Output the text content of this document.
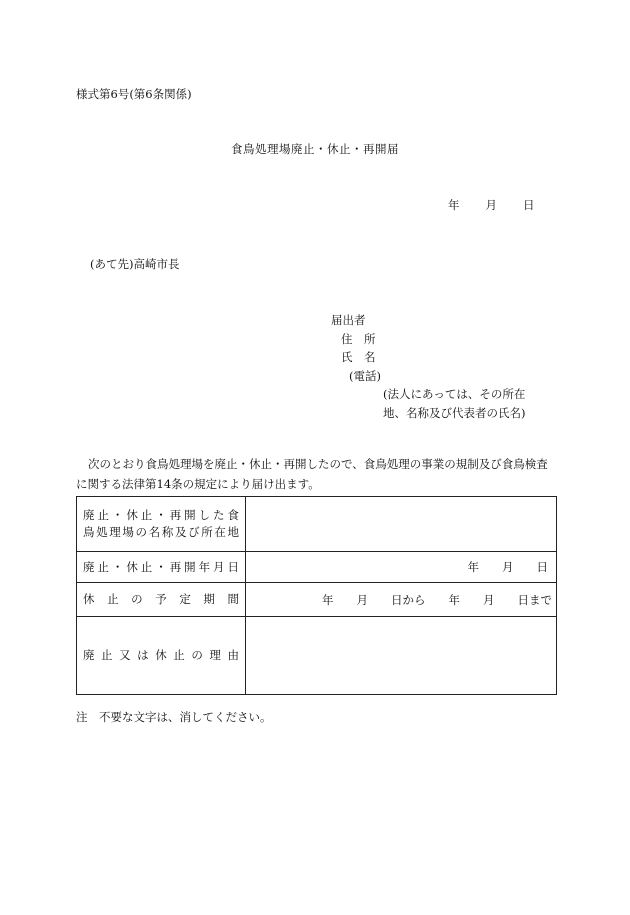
様式第6号(第6条関係)
食鳥処理場廃止・休止・再開届
年 月 日
(あて先)高崎市長
届出者
住　所
氏　名
(電話)
(法人にあっては、その所在
地、名称及び代表者の氏名)
次のとおり食鳥処理場を廃止・休止・再開したので、食鳥処理の事業の規制及び食鳥検査に関する法律第14条の規定により届け出ます。
廃止・休止・再開した食
鳥処理場の名称及び所在地	

廃止・休止・再開年月日	年　　月　　日
休止の予定期間	年　　月　　日から　　年　　月　　日まで
廃止又は休止の理由	
注　不要な文字は、消してください。
